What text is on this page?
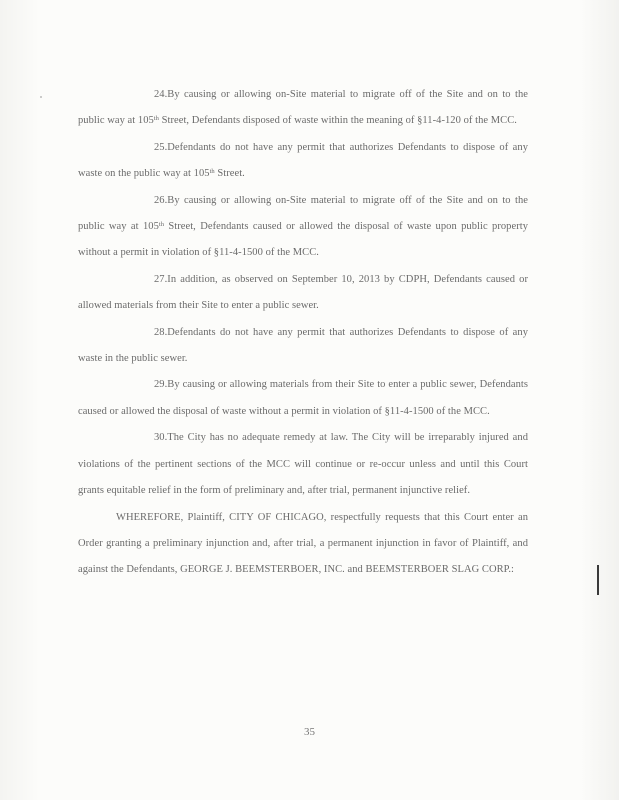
24.By causing or allowing on-Site material to migrate off of the Site and on to the public way at 105th Street, Defendants disposed of waste within the meaning of §11-4-120 of the MCC.

25.Defendants do not have any permit that authorizes Defendants to dispose of any waste on the public way at 105th Street.

26.By causing or allowing on-Site material to migrate off of the Site and on to the public way at 105th Street, Defendants caused or allowed the disposal of waste upon public property without a permit in violation of §11-4-1500 of the MCC.

27.In addition, as observed on September 10, 2013 by CDPH, Defendants caused or allowed materials from their Site to enter a public sewer.

28.Defendants do not have any permit that authorizes Defendants to dispose of any waste in the public sewer.

29.By causing or allowing materials from their Site to enter a public sewer, Defendants caused or allowed the disposal of waste without a permit in violation of §11-4-1500 of the MCC.

30.The City has no adequate remedy at law. The City will be irreparably injured and violations of the pertinent sections of the MCC will continue or re-occur unless and until this Court grants equitable relief in the form of preliminary and, after trial, permanent injunctive relief.

WHEREFORE, Plaintiff, CITY OF CHICAGO, respectfully requests that this Court enter an Order granting a preliminary injunction and, after trial, a permanent injunction in favor of Plaintiff, and against the Defendants, GEORGE J. BEEMSTERBOER, INC. and BEEMSTERBOER SLAG CORP.:

35
